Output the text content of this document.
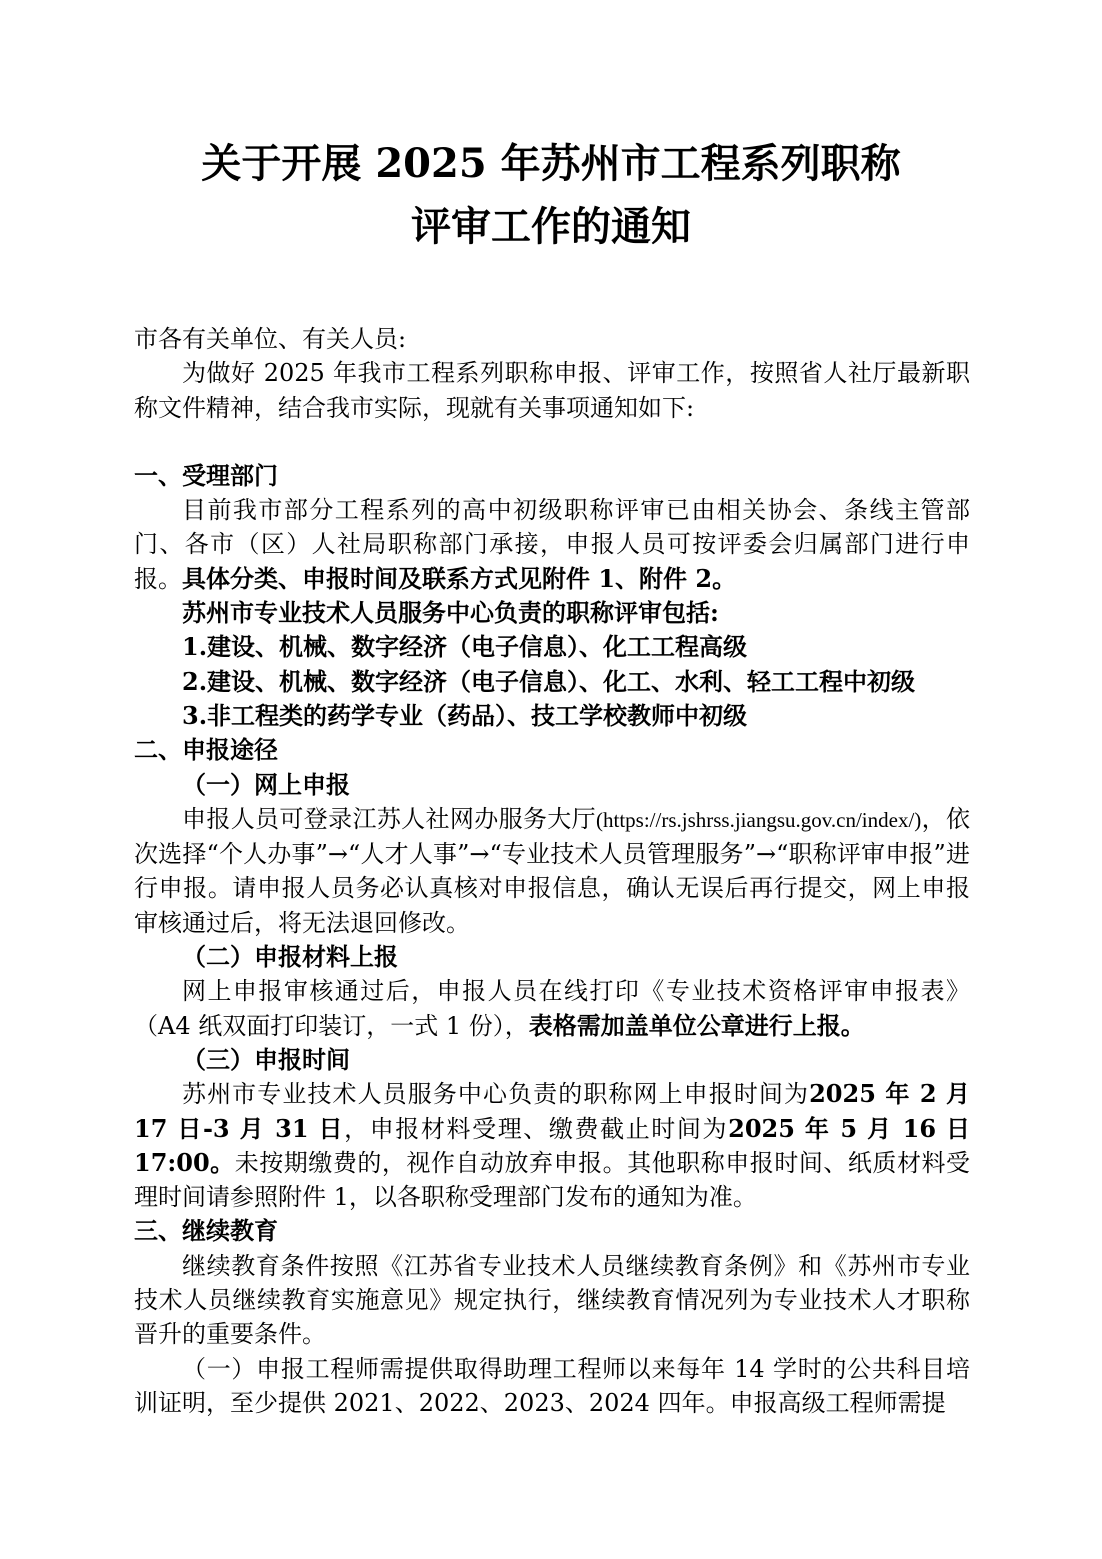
关于开展 2025 年苏州市工程系列职称
评审工作的通知

市各有关单位、有关人员:

为做好 2025 年我市工程系列职称申报、评审工作，按照省人社厅最新职称文件精神，结合我市实际，现就有关事项通知如下:

一、受理部门

目前我市部分工程系列的高中初级职称评审已由相关协会、条线主管部门、各市（区）人社局职称部门承接，申报人员可按评委会归属部门进行申报。具体分类、申报时间及联系方式见附件 1、附件 2。

苏州市专业技术人员服务中心负责的职称评审包括:

1.建设、机械、数字经济（电子信息）、化工工程高级

2.建设、机械、数字经济（电子信息）、化工、水利、轻工工程中初级

3.非工程类的药学专业（药品）、技工学校教师中初级

二、申报途径

（一）网上申报

申报人员可登录江苏人社网办服务大厅(https://rs.jshrss.jiangsu.gov.cn/index/)，依次选择“个人办事”→“人才人事”→“专业技术人员管理服务”→“职称评审申报”进行申报。请申报人员务必认真核对申报信息，确认无误后再行提交，网上申报审核通过后，将无法退回修改。

（二）申报材料上报

网上申报审核通过后，申报人员在线打印《专业技术资格评审申报表》（A4 纸双面打印装订，一式 1 份），表格需加盖单位公章进行上报。

（三）申报时间

苏州市专业技术人员服务中心负责的职称网上申报时间为2025 年 2 月 17 日-3 月 31 日，申报材料受理、缴费截止时间为2025 年 5 月 16 日 17:00。未按期缴费的，视作自动放弃申报。其他职称申报时间、纸质材料受理时间请参照附件 1，以各职称受理部门发布的通知为准。

三、继续教育

继续教育条件按照《江苏省专业技术人员继续教育条例》和《苏州市专业技术人员继续教育实施意见》规定执行，继续教育情况列为专业技术人才职称晋升的重要条件。

（一）申报工程师需提供取得助理工程师以来每年 14 学时的公共科目培训证明，至少提供 2021、2022、2023、2024 四年。申报高级工程师需提
